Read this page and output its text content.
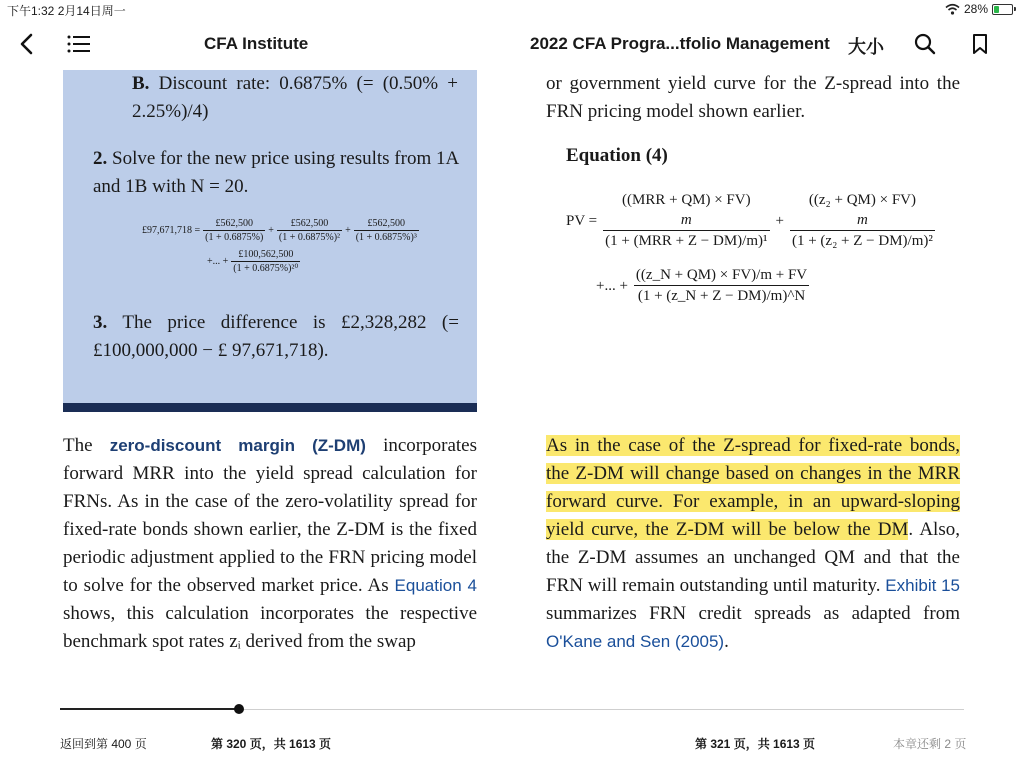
下午1:32 2月14日周一	28%
CFA Institute	2022 CFA Progra...tfolio Management 大小
B. Discount rate: 0.6875% (= (0.50% + 2.25%)/4)
2. Solve for the new price using results from 1A and 1B with N = 20.
£97,671,718 = $\frac{£562,500}{(1 + 0.6875\%)} + \frac{£562,500}{\text{(1 + 0.6875\%)²}} + \frac{£562,500}{\text{(1 + 0.6875\%)³}}$
+... + $\frac{£100,562,500}{\text{(1 + 0.6875\%)²⁰}}$
3. The price difference is £2,328,282 (= £100,000,000 − £ 97,671,718).
The zero-discount margin (Z-DM) incorporates forward MRR into the yield spread calculation for FRNs. As in the case of the zero-volatility spread for fixed-rate bonds shown earlier, the Z-DM is the fixed periodic adjustment applied to the FRN pricing model to solve for the observed market price. As Equation 4 shows, this calculation incorporates the respective benchmark spot rates zᵢ derived from the swap
or government yield curve for the Z-spread into the FRN pricing model shown earlier.
Equation (4)
PV =
((MRR + QM) × FV)
m
(1 + (MRR + Z − DM)/m)¹
+
((z₂ + QM) × FV)
m
(1 + (z₂ + Z − DM)/m)²
+... + $\frac{((z\_N + QM) \times FV)/m + FV}{(1 + (z\_N + Z - DM)/m)\^{}N}$
As in the case of the Z-spread for fixed-rate bonds, the Z-DM will change based on changes in the MRR forward curve. For example, in an upward-sloping yield curve, the Z-DM will be below the DM. Also, the Z-DM assumes an unchanged QM and that the FRN will remain outstanding until maturity. Exhibit 15 summarizes FRN credit spreads as adapted from O'Kane and Sen (2005).
返回到第 400 页	第 320 页，共 1613 页	第 321 页，共 1613 页	本章还剩 2 页
